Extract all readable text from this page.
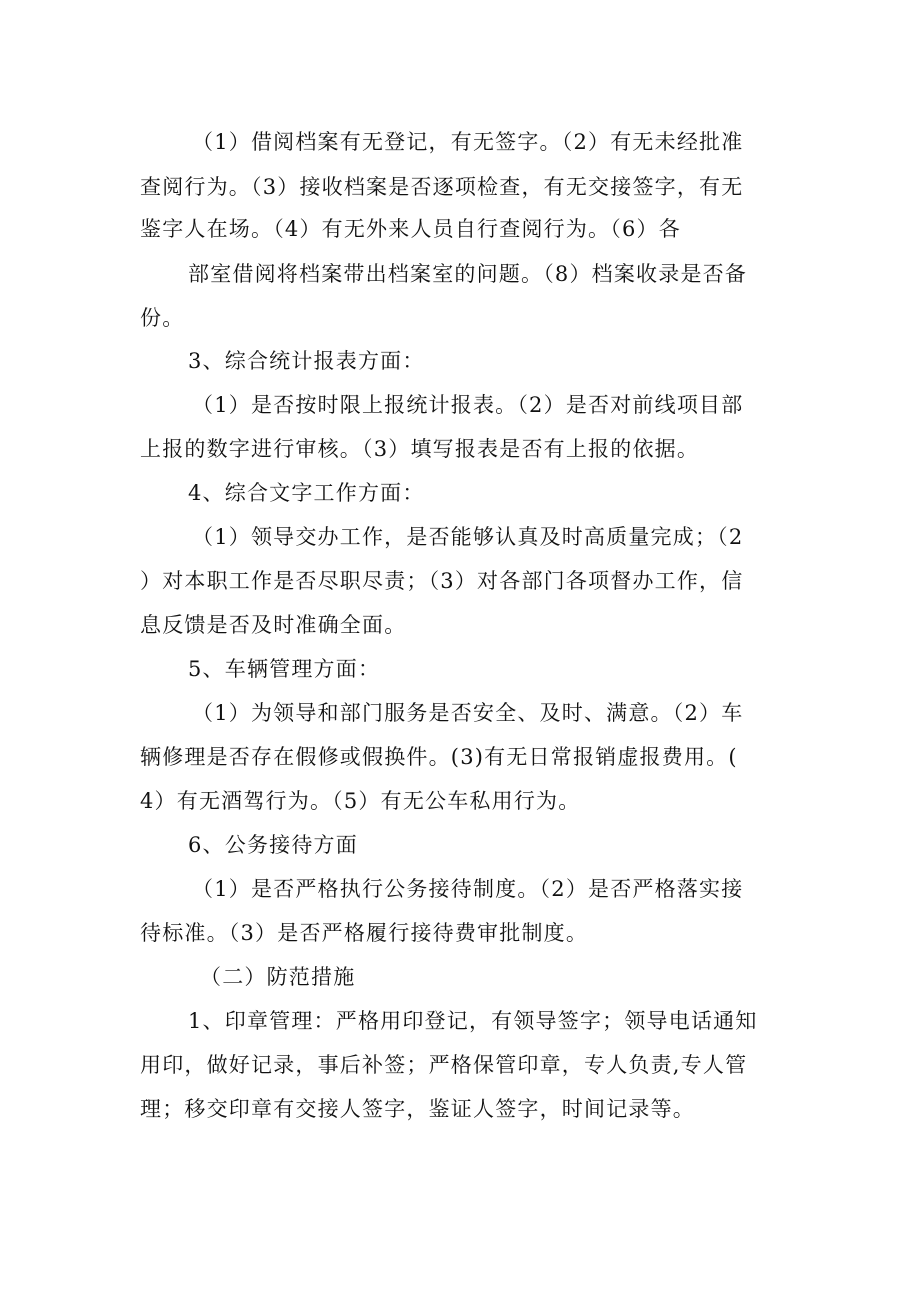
（1）借阅档案有无登记，有无签字。（2）有无未经批准
查阅行为。（3）接收档案是否逐项检查，有无交接签字，有无
鉴字人在场。（4）有无外来人员自行查阅行为。（6）各
部室借阅将档案带出档案室的问题。（8）档案收录是否备
份。
3、综合统计报表方面：
（1）是否按时限上报统计报表。（2）是否对前线项目部
上报的数字进行审核。（3）填写报表是否有上报的依据。
4、综合文字工作方面：
（1）领导交办工作，是否能够认真及时高质量完成；（2
）对本职工作是否尽职尽责；（3）对各部门各项督办工作，信
息反馈是否及时准确全面。
5、车辆管理方面：
（1）为领导和部门服务是否安全、及时、满意。（2）车
辆修理是否存在假修或假换件。(3)有无日常报销虚报费用。(
4）有无酒驾行为。（5）有无公车私用行为。
6、公务接待方面
（1）是否严格执行公务接待制度。（2）是否严格落实接
待标准。（3）是否严格履行接待费审批制度。
（二）防范措施
1、印章管理：严格用印登记，有领导签字；领导电话通知
用印，做好记录，事后补签；严格保管印章，专人负责,专人管
理；移交印章有交接人签字，鉴证人签字，时间记录等。
